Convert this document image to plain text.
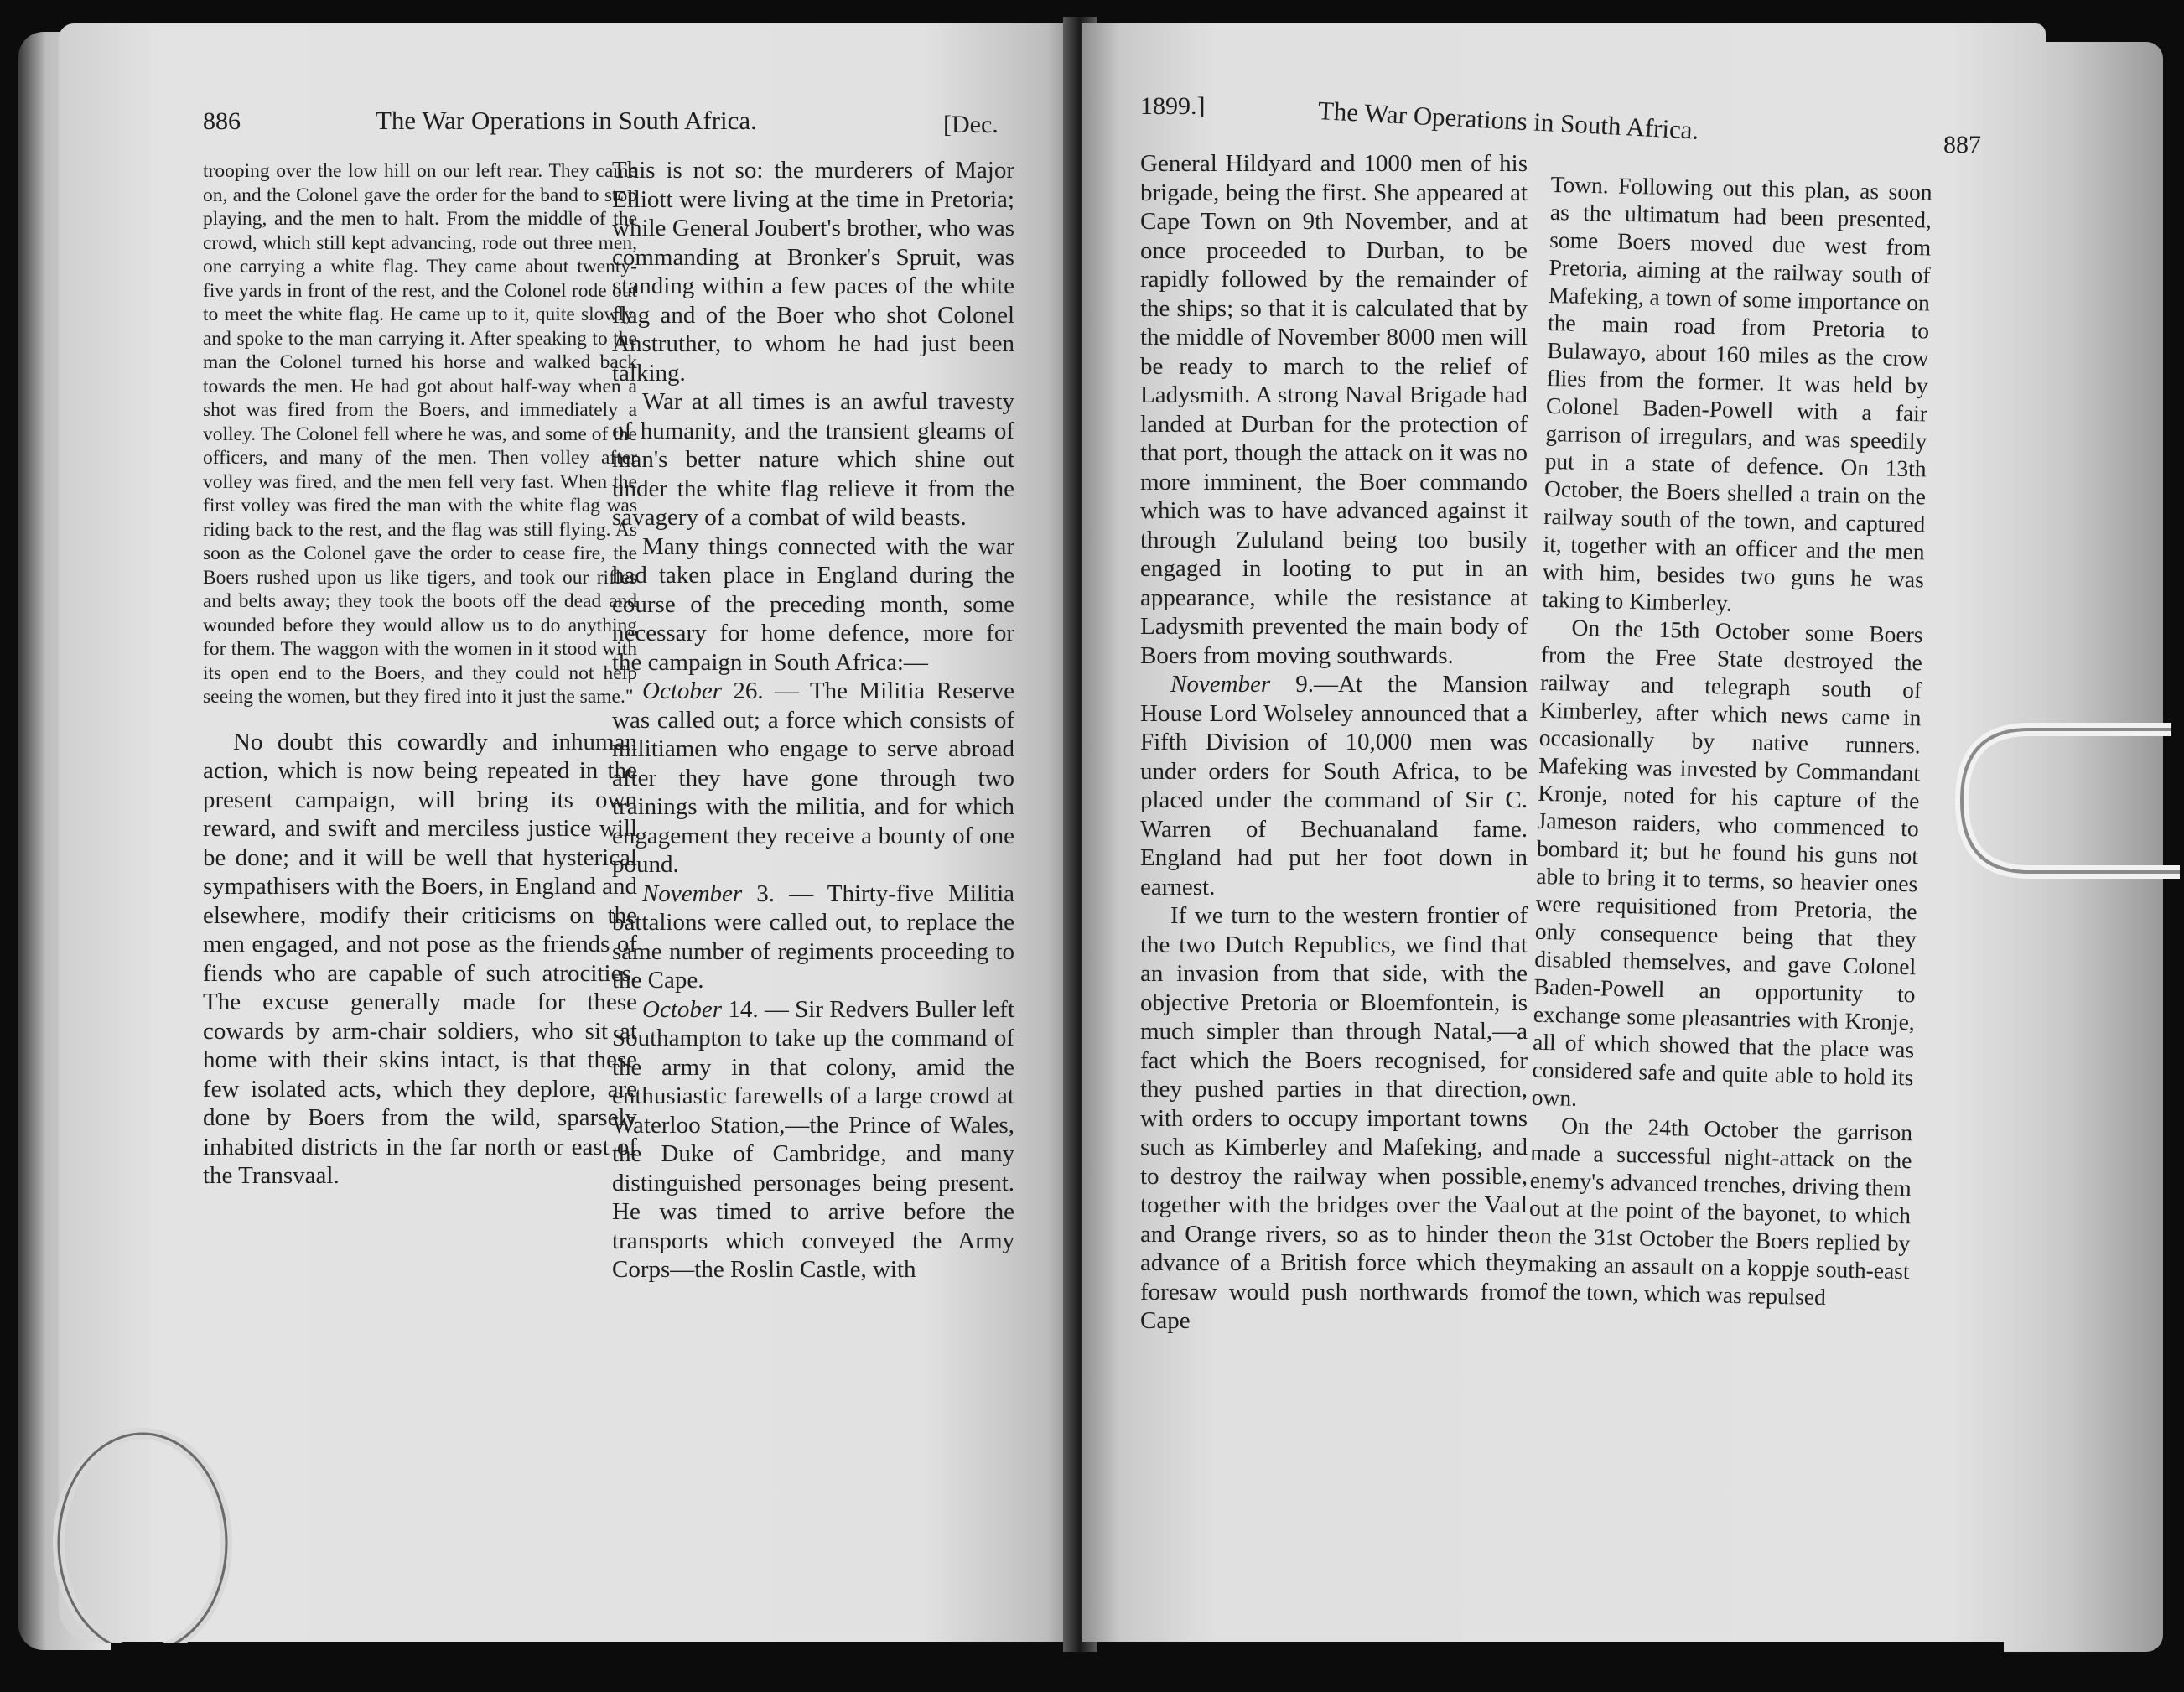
886	The War Operations in South Africa.	[Dec.

trooping over the low hill on our left rear. They came on, and the Colonel gave the order for the band to stop playing, and the men to halt. From the middle of the crowd, which still kept advancing, rode out three men, one carrying a white flag. They came about twenty-five yards in front of the rest, and the Colonel rode out to meet the white flag. He came up to it, quite slowly, and spoke to the man carrying it. After speaking to the man the Colonel turned his horse and walked back towards the men. He had got about half-way when a shot was fired from the Boers, and immediately a volley. The Colonel fell where he was, and some of the officers, and many of the men. Then volley after volley was fired, and the men fell very fast. When the first volley was fired the man with the white flag was riding back to the rest, and the flag was still flying. As soon as the Colonel gave the order to cease fire, the Boers rushed upon us like tigers, and took our rifles and belts away; they took the boots off the dead and wounded before they would allow us to do anything for them. The waggon with the women in it stood with its open end to the Boers, and they could not help seeing the women, but they fired into it just the same."

No doubt this cowardly and inhuman action, which is now being repeated in the present campaign, will bring its own reward, and swift and merciless justice will be done; and it will be well that hysterical sympathisers with the Boers, in England and elsewhere, modify their criticisms on the men engaged, and not pose as the friends of fiends who are capable of such atrocities. The excuse generally made for these cowards by arm-chair soldiers, who sit at home with their skins intact, is that these few isolated acts, which they deplore, are done by Boers from the wild, sparsely inhabited districts in the far north or east of the Transvaal.

This is not so: the murderers of Major Elliott were living at the time in Pretoria; while General Joubert's brother, who was commanding at Bronker's Spruit, was standing within a few paces of the white flag and of the Boer who shot Colonel Anstruther, to whom he had just been talking.

War at all times is an awful travesty of humanity, and the transient gleams of man's better nature which shine out under the white flag relieve it from the savagery of a combat of wild beasts.

Many things connected with the war had taken place in England during the course of the preceding month, some necessary for home defence, more for the campaign in South Africa:—

October 26. — The Militia Reserve was called out; a force which consists of militiamen who engage to serve abroad after they have gone through two trainings with the militia, and for which engagement they receive a bounty of one pound.

November 3. — Thirty-five Militia battalions were called out, to replace the same number of regiments proceeding to the Cape.

October 14. — Sir Redvers Buller left Southampton to take up the command of the army in that colony, amid the enthusiastic farewells of a large crowd at Waterloo Station,—the Prince of Wales, the Duke of Cambridge, and many distinguished personages being present. He was timed to arrive before the transports which conveyed the Army Corps—the Roslin Castle, with

1899.]	The War Operations in South Africa.	887

General Hildyard and 1000 men of his brigade, being the first. She appeared at Cape Town on 9th November, and at once proceeded to Durban, to be rapidly followed by the remainder of the ships; so that it is calculated that by the middle of November 8000 men will be ready to march to the relief of Ladysmith. A strong Naval Brigade had landed at Durban for the protection of that port, though the attack on it was no more imminent, the Boer commando which was to have advanced against it through Zululand being too busily engaged in looting to put in an appearance, while the resistance at Ladysmith prevented the main body of Boers from moving southwards.

November 9.—At the Mansion House Lord Wolseley announced that a Fifth Division of 10,000 men was under orders for South Africa, to be placed under the command of Sir C. Warren of Bechuanaland fame. England had put her foot down in earnest.

If we turn to the western frontier of the two Dutch Republics, we find that an invasion from that side, with the objective Pretoria or Bloemfontein, is much simpler than through Natal,—a fact which the Boers recognised, for they pushed parties in that direction, with orders to occupy important towns such as Kimberley and Mafeking, and to destroy the railway when possible, together with the bridges over the Vaal and Orange rivers, so as to hinder the advance of a British force which they foresaw would push northwards from Cape

Town. Following out this plan, as soon as the ultimatum had been presented, some Boers moved due west from Pretoria, aiming at the railway south of Mafeking, a town of some importance on the main road from Pretoria to Bulawayo, about 160 miles as the crow flies from the former. It was held by Colonel Baden-Powell with a fair garrison of irregulars, and was speedily put in a state of defence. On 13th October, the Boers shelled a train on the railway south of the town, and captured it, together with an officer and the men with him, besides two guns he was taking to Kimberley.

On the 15th October some Boers from the Free State destroyed the railway and telegraph south of Kimberley, after which news came in occasionally by native runners. Mafeking was invested by Commandant Kronje, noted for his capture of the Jameson raiders, who commenced to bombard it; but he found his guns not able to bring it to terms, so heavier ones were requisitioned from Pretoria, the only consequence being that they disabled themselves, and gave Colonel Baden-Powell an opportunity to exchange some pleasantries with Kronje, all of which showed that the place was considered safe and quite able to hold its own.

On the 24th October the garrison made a successful night-attack on the enemy's advanced trenches, driving them out at the point of the bayonet, to which on the 31st October the Boers replied by making an assault on a koppje south-east of the town, which was repulsed
